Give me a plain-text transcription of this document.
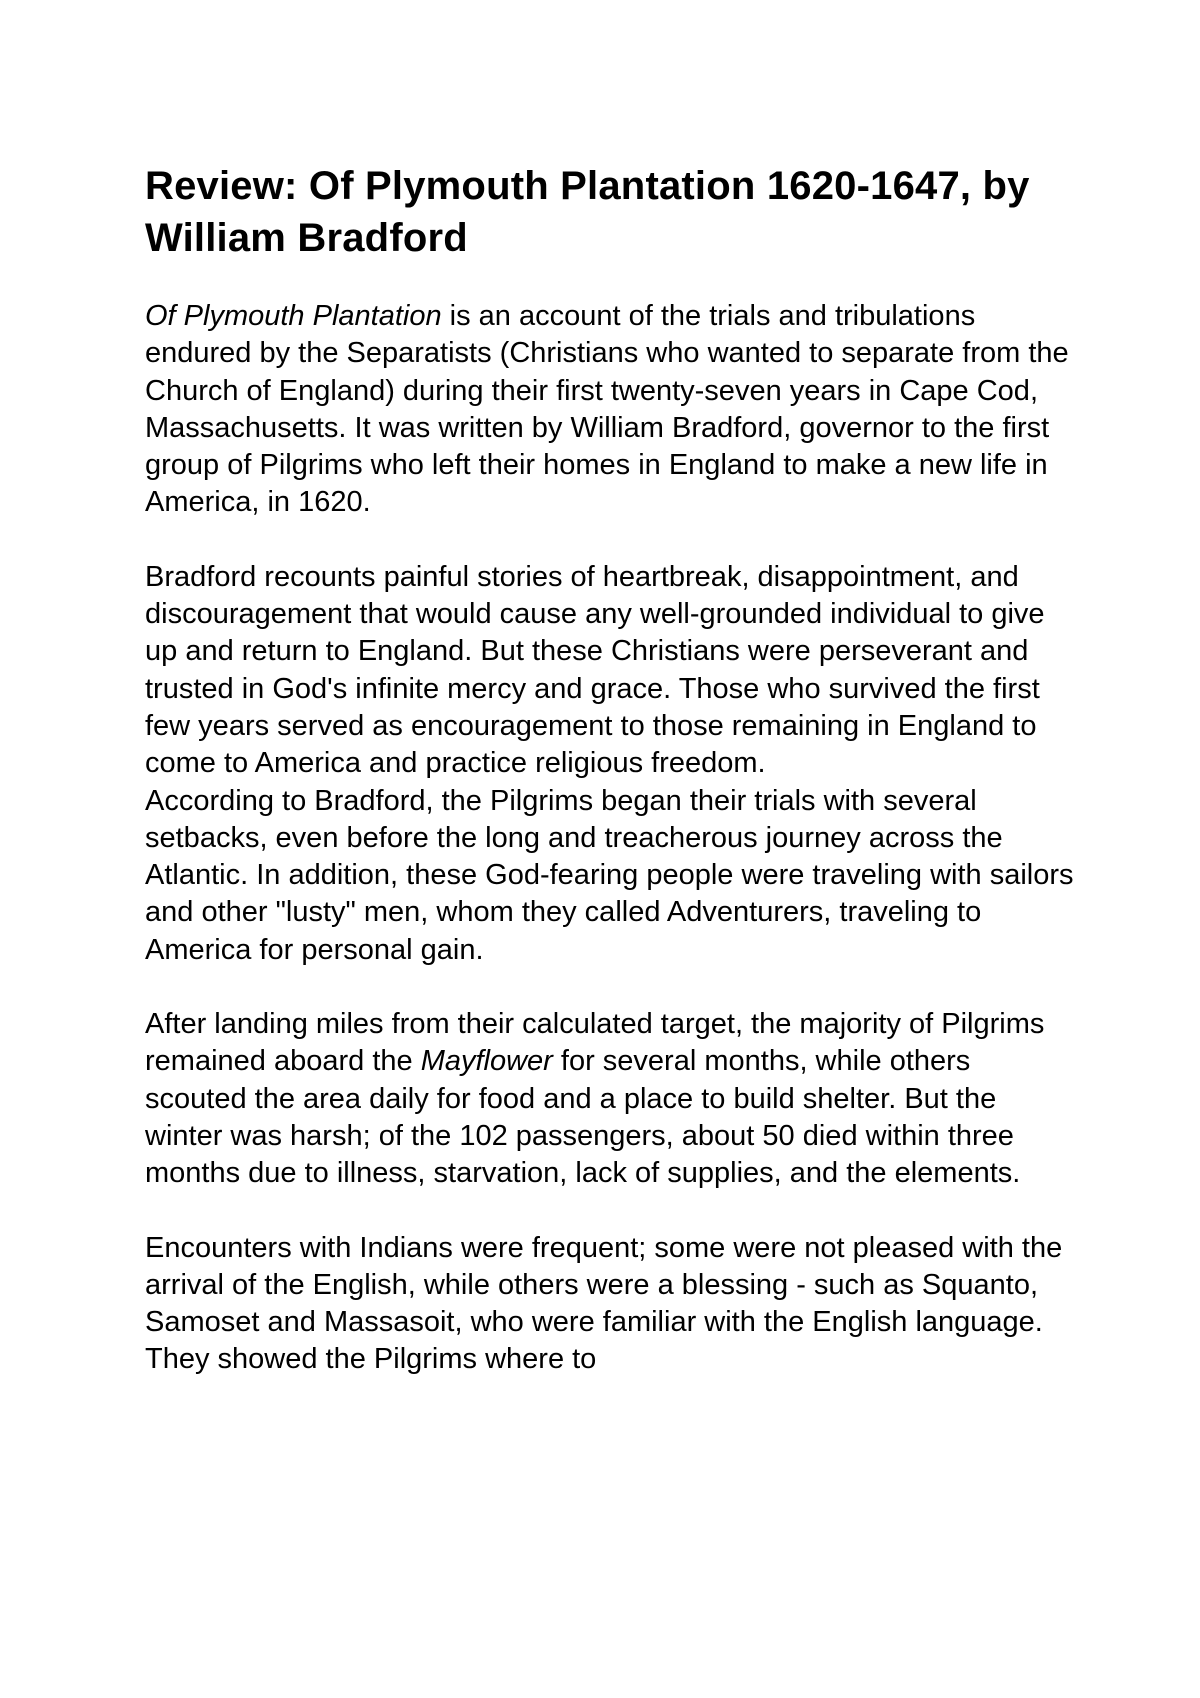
Review: Of Plymouth Plantation 1620-1647, by William Bradford

Of Plymouth Plantation is an account of the trials and tribulations endured by the Separatists (Christians who wanted to separate from the Church of England) during their first twenty-seven years in Cape Cod, Massachusetts. It was written by William Bradford, governor to the first group of Pilgrims who left their homes in England to make a new life in America, in 1620.

Bradford recounts painful stories of heartbreak, disappointment, and discouragement that would cause any well-grounded individual to give up and return to England. But these Christians were perseverant and trusted in God's infinite mercy and grace. Those who survived the first few years served as encouragement to those remaining in England to come to America and practice religious freedom.

According to Bradford, the Pilgrims began their trials with several setbacks, even before the long and treacherous journey across the Atlantic. In addition, these God-fearing people were traveling with sailors and other "lusty" men, whom they called Adventurers, traveling to America for personal gain.

After landing miles from their calculated target, the majority of Pilgrims remained aboard the Mayflower for several months, while others scouted the area daily for food and a place to build shelter. But the winter was harsh; of the 102 passengers, about 50 died within three months due to illness, starvation, lack of supplies, and the elements.

Encounters with Indians were frequent; some were not pleased with the arrival of the English, while others were a blessing - such as Squanto, Samoset and Massasoit, who were familiar with the English language. They showed the Pilgrims where to
